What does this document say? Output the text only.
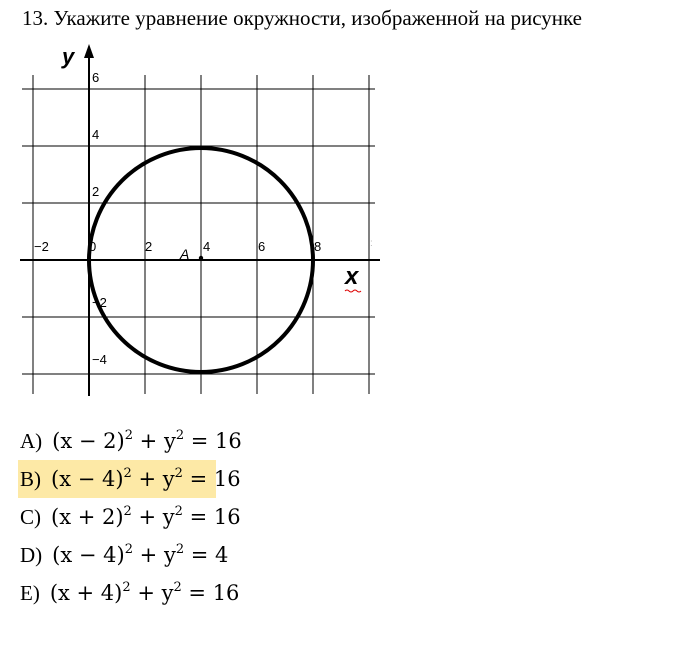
13. Укажите уравнение окружности, изображенной на рисунке
y
x
A
−2	0	2	4	6	8
6
4
2
−2
−4
:
A) $(x - 2)^2 + y^2 = 16$
B) $(x - 4)^2 + y^2 = 16$
C) $(x + 2)^2 + y^2 = 16$
D) $(x - 4)^2 + y^2 = 4$
E) $(x + 4)^2 + y^2 = 16$
